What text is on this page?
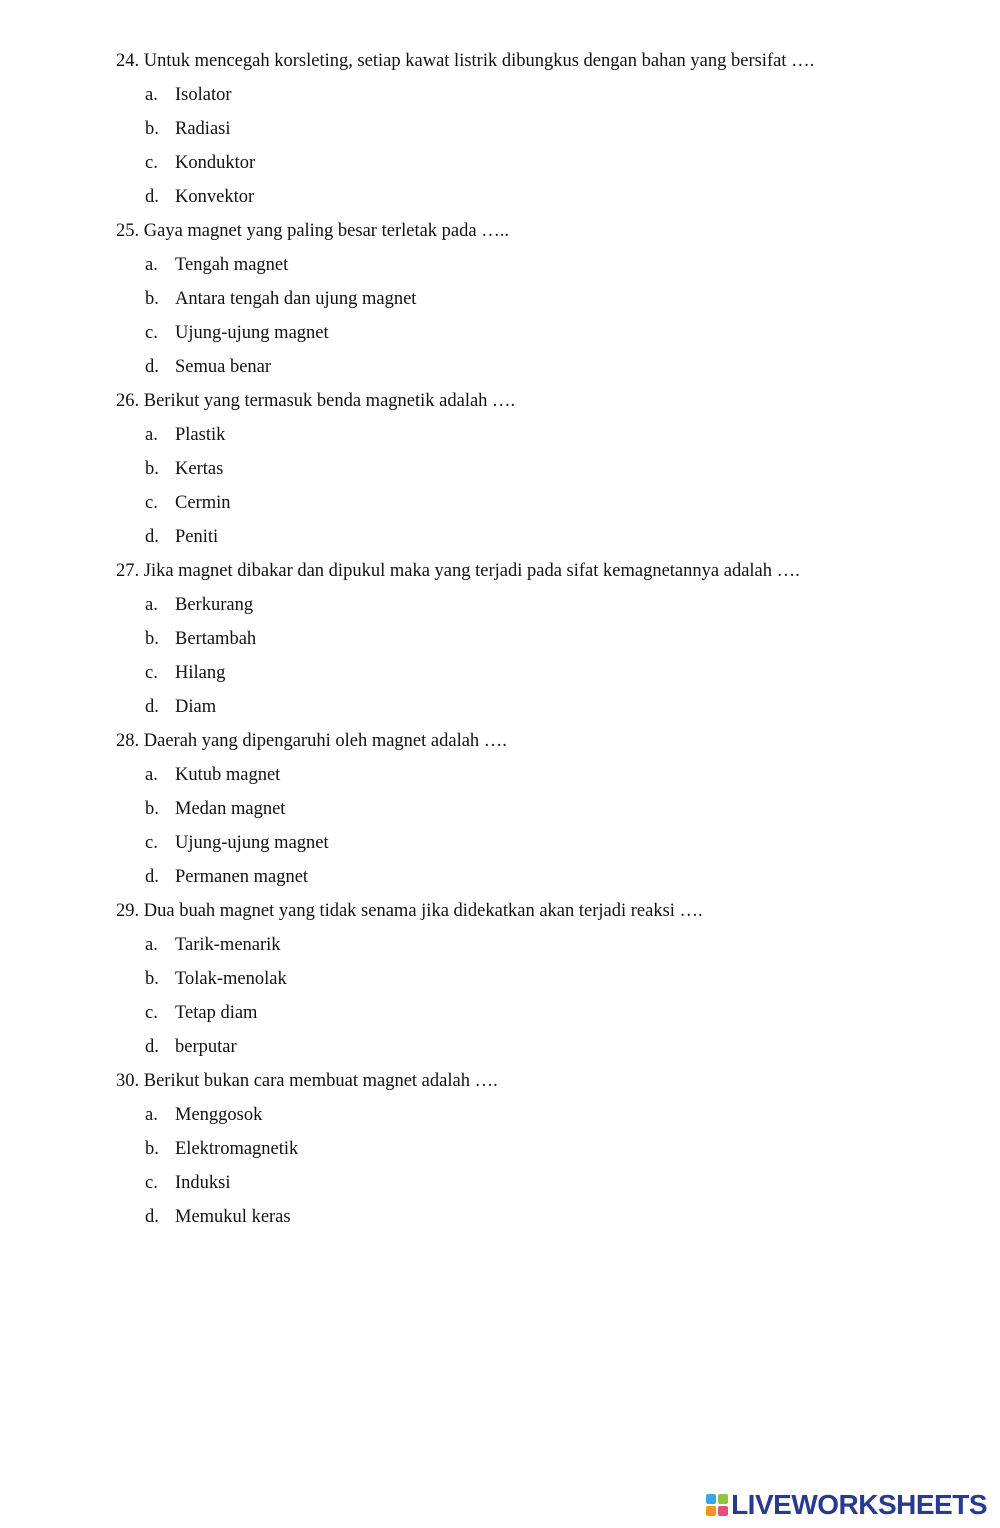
24. Untuk mencegah korsleting, setiap kawat listrik dibungkus dengan bahan yang bersifat ….
a. Isolator
b. Radiasi
c. Konduktor
d. Konvektor
25. Gaya magnet yang paling besar terletak pada …..
a. Tengah magnet
b. Antara tengah dan ujung magnet
c. Ujung-ujung magnet
d. Semua benar
26. Berikut yang termasuk benda magnetik adalah ….
a. Plastik
b. Kertas
c. Cermin
d. Peniti
27. Jika magnet dibakar dan dipukul maka yang terjadi pada sifat kemagnetannya adalah ….
a. Berkurang
b. Bertambah
c. Hilang
d. Diam
28. Daerah yang dipengaruhi oleh magnet adalah ….
a. Kutub magnet
b. Medan magnet
c. Ujung-ujung magnet
d. Permanen magnet
29. Dua buah magnet yang tidak senama jika didekatkan akan terjadi reaksi ….
a. Tarik-menarik
b. Tolak-menolak
c. Tetap diam
d. berputar
30. Berikut bukan cara membuat magnet adalah ….
a. Menggosok
b. Elektromagnetik
c. Induksi
d. Memukul keras
LIVEWORKSHEETS
